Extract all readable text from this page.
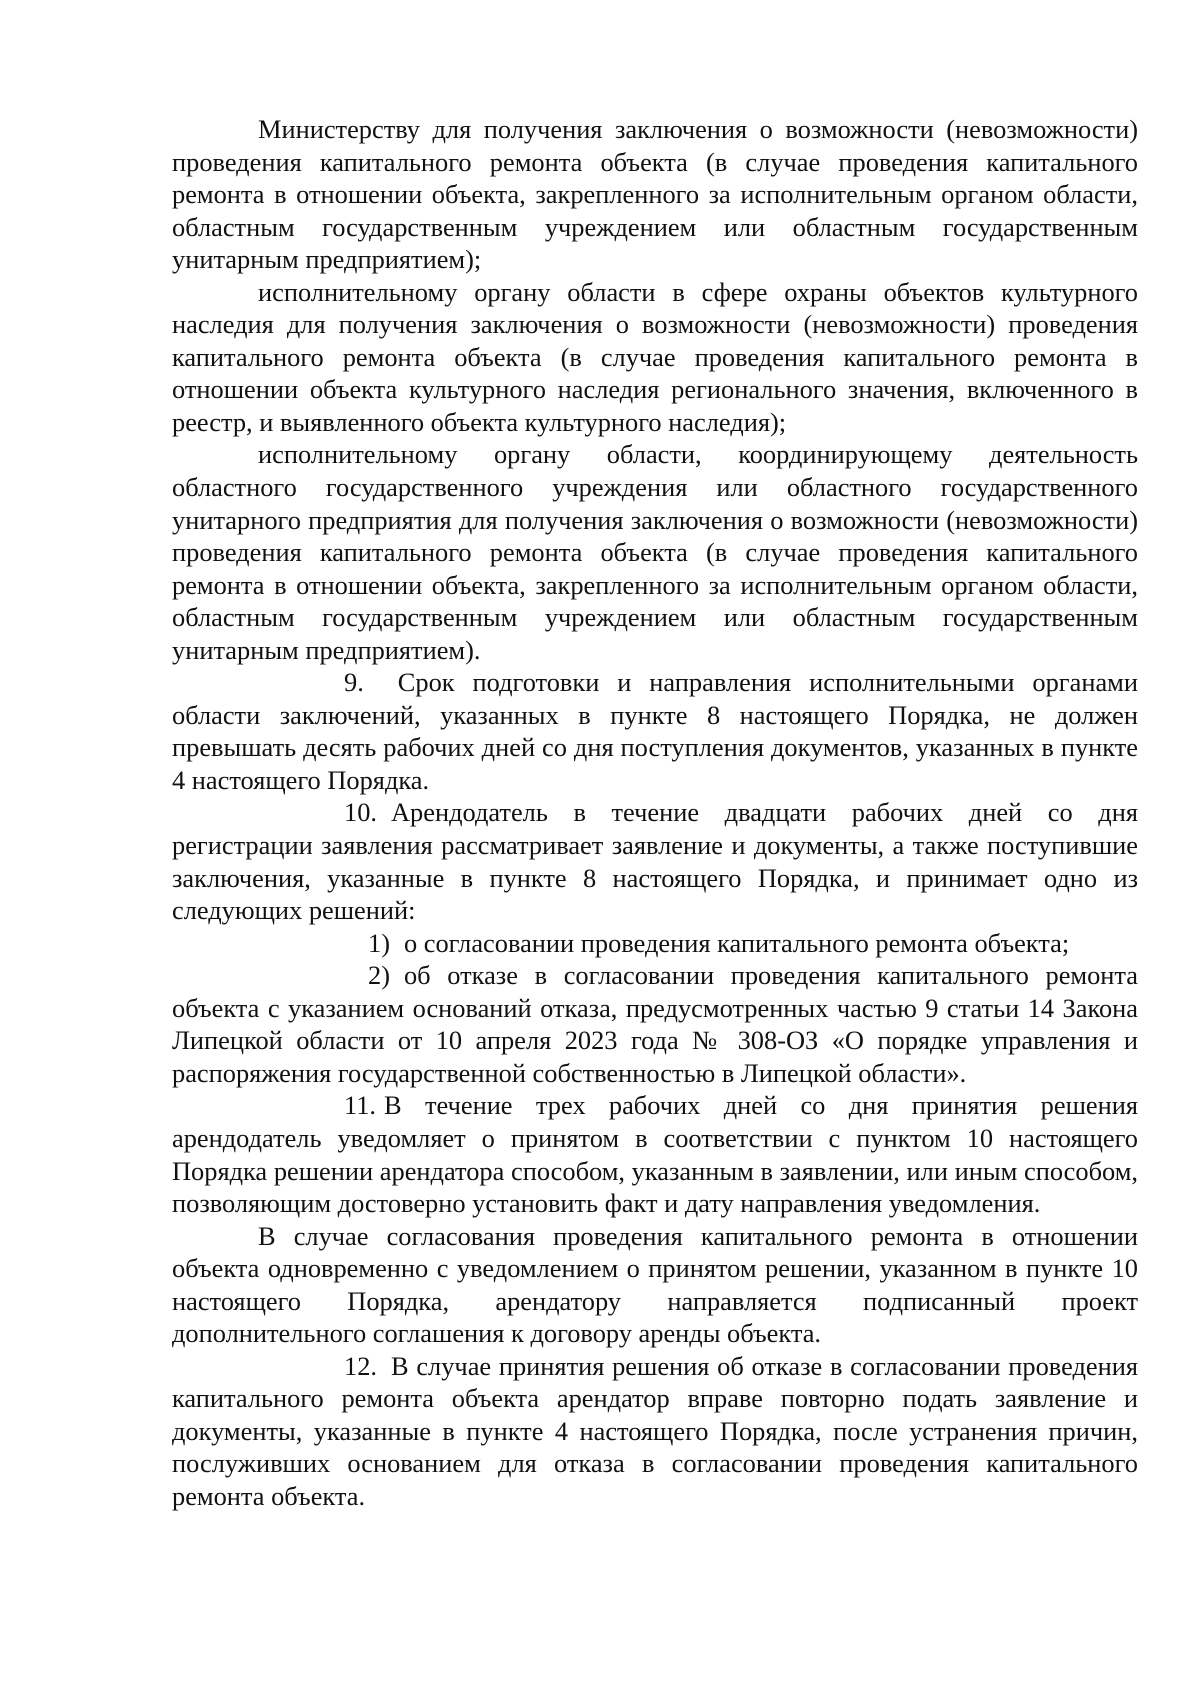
Министерству для получения заключения о возможности (невозможности) проведения капитального ремонта объекта (в случае проведения капитального ремонта в отношении объекта, закрепленного за исполнительным органом области, областным государственным учреждением или областным государственным унитарным предприятием);

исполнительному органу области в сфере охраны объектов культурного наследия для получения заключения о возможности (невозможности) проведения капитального ремонта объекта (в случае проведения капитального ремонта в отношении объекта культурного наследия регионального значения, включенного в реестр, и выявленного объекта культурного наследия);

исполнительному органу области, координирующему деятельность областного государственного учреждения или областного государственного унитарного предприятия для получения заключения о возможности (невозможности) проведения капитального ремонта объекта (в случае проведения капитального ремонта в отношении объекта, закрепленного за исполнительным органом области, областным государственным учреждением или областным государственным унитарным предприятием).

9. Срок подготовки и направления исполнительными органами области заключений, указанных в пункте 8 настоящего Порядка, не должен превышать десять рабочих дней со дня поступления документов, указанных в пункте 4 настоящего Порядка.

10. Арендодатель в течение двадцати рабочих дней со дня регистрации заявления рассматривает заявление и документы, а также поступившие заключения, указанные в пункте 8 настоящего Порядка, и принимает одно из следующих решений:

1) о согласовании проведения капитального ремонта объекта;

2) об отказе в согласовании проведения капитального ремонта объекта с указанием оснований отказа, предусмотренных частью 9 статьи 14 Закона Липецкой области от 10 апреля 2023 года № 308-ОЗ «О порядке управления и распоряжения государственной собственностью в Липецкой области».

11. В течение трех рабочих дней со дня принятия решения арендодатель уведомляет о принятом в соответствии с пунктом 10 настоящего Порядка решении арендатора способом, указанным в заявлении, или иным способом, позволяющим достоверно установить факт и дату направления уведомления.

В случае согласования проведения капитального ремонта в отношении объекта одновременно с уведомлением о принятом решении, указанном в пункте 10 настоящего Порядка, арендатору направляется подписанный проект дополнительного соглашения к договору аренды объекта.

12. В случае принятия решения об отказе в согласовании проведения капитального ремонта объекта арендатор вправе повторно подать заявление и документы, указанные в пункте 4 настоящего Порядка, после устранения причин, послуживших основанием для отказа в согласовании проведения капитального ремонта объекта.
